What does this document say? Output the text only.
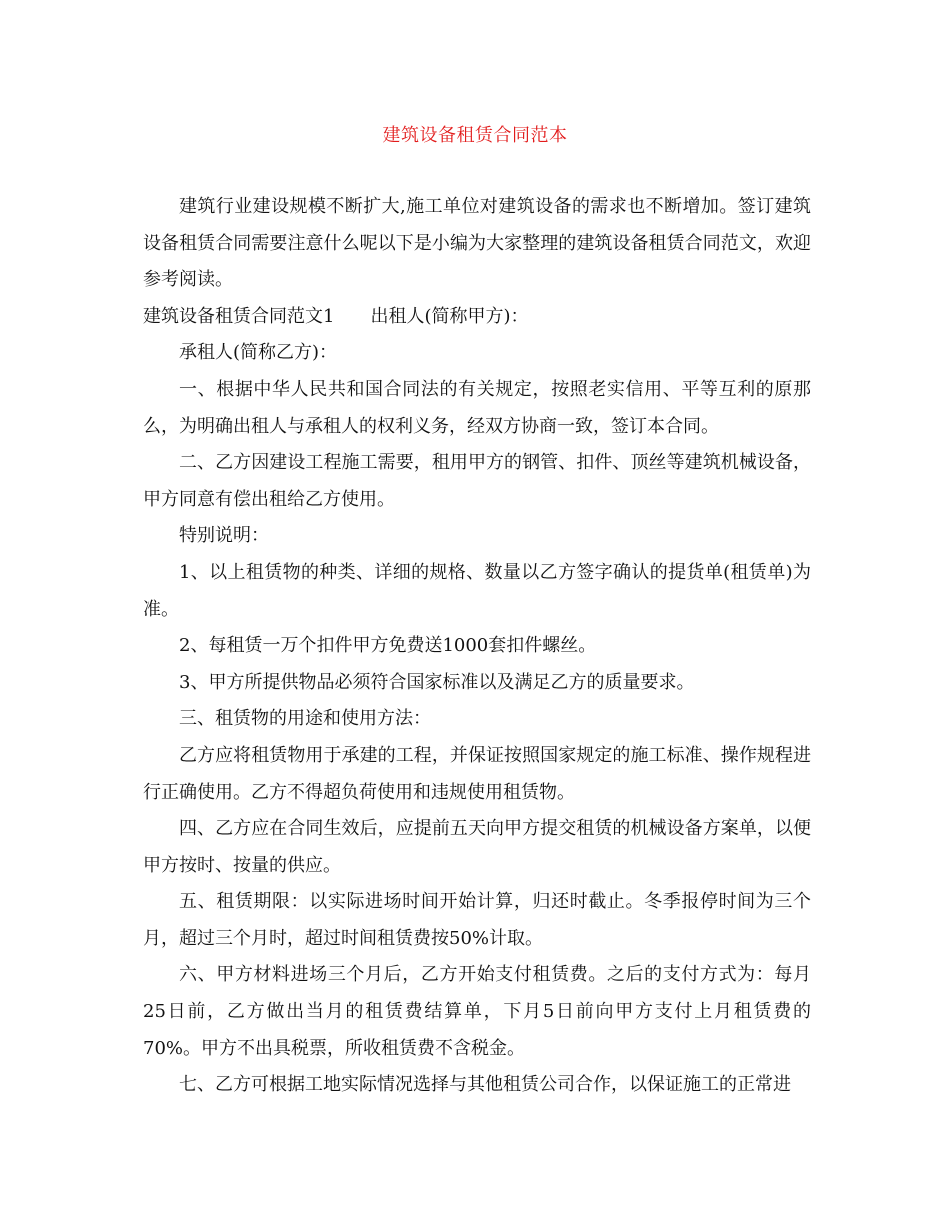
建筑设备租赁合同范本

建筑行业建设规模不断扩大,施工单位对建筑设备的需求也不断增加。签订建筑设备租赁合同需要注意什么呢以下是小编为大家整理的建筑设备租赁合同范文，欢迎参考阅读。

建筑设备租赁合同范文1 出租人(简称甲方)：

承租人(简称乙方)：

一、根据中华人民共和国合同法的有关规定，按照老实信用、平等互利的原那么，为明确出租人与承租人的权利义务，经双方协商一致，签订本合同。

二、乙方因建设工程施工需要，租用甲方的钢管、扣件、顶丝等建筑机械设备，甲方同意有偿出租给乙方使用。

特别说明：

1、以上租赁物的种类、详细的规格、数量以乙方签字确认的提货单(租赁单)为准。

2、每租赁一万个扣件甲方免费送1000套扣件螺丝。

3、甲方所提供物品必须符合国家标准以及满足乙方的质量要求。

三、租赁物的用途和使用方法：

乙方应将租赁物用于承建的工程，并保证按照国家规定的施工标准、操作规程进行正确使用。乙方不得超负荷使用和违规使用租赁物。

四、乙方应在合同生效后，应提前五天向甲方提交租赁的机械设备方案单，以便甲方按时、按量的供应。

五、租赁期限：以实际进场时间开始计算，归还时截止。冬季报停时间为三个月，超过三个月时，超过时间租赁费按50%计取。

六、甲方材料进场三个月后，乙方开始支付租赁费。之后的支付方式为：每月25日前，乙方做出当月的租赁费结算单，下月5日前向甲方支付上月租赁费的70%。甲方不出具税票，所收租赁费不含税金。

七、乙方可根据工地实际情况选择与其他租赁公司合作，以保证施工的正常进
